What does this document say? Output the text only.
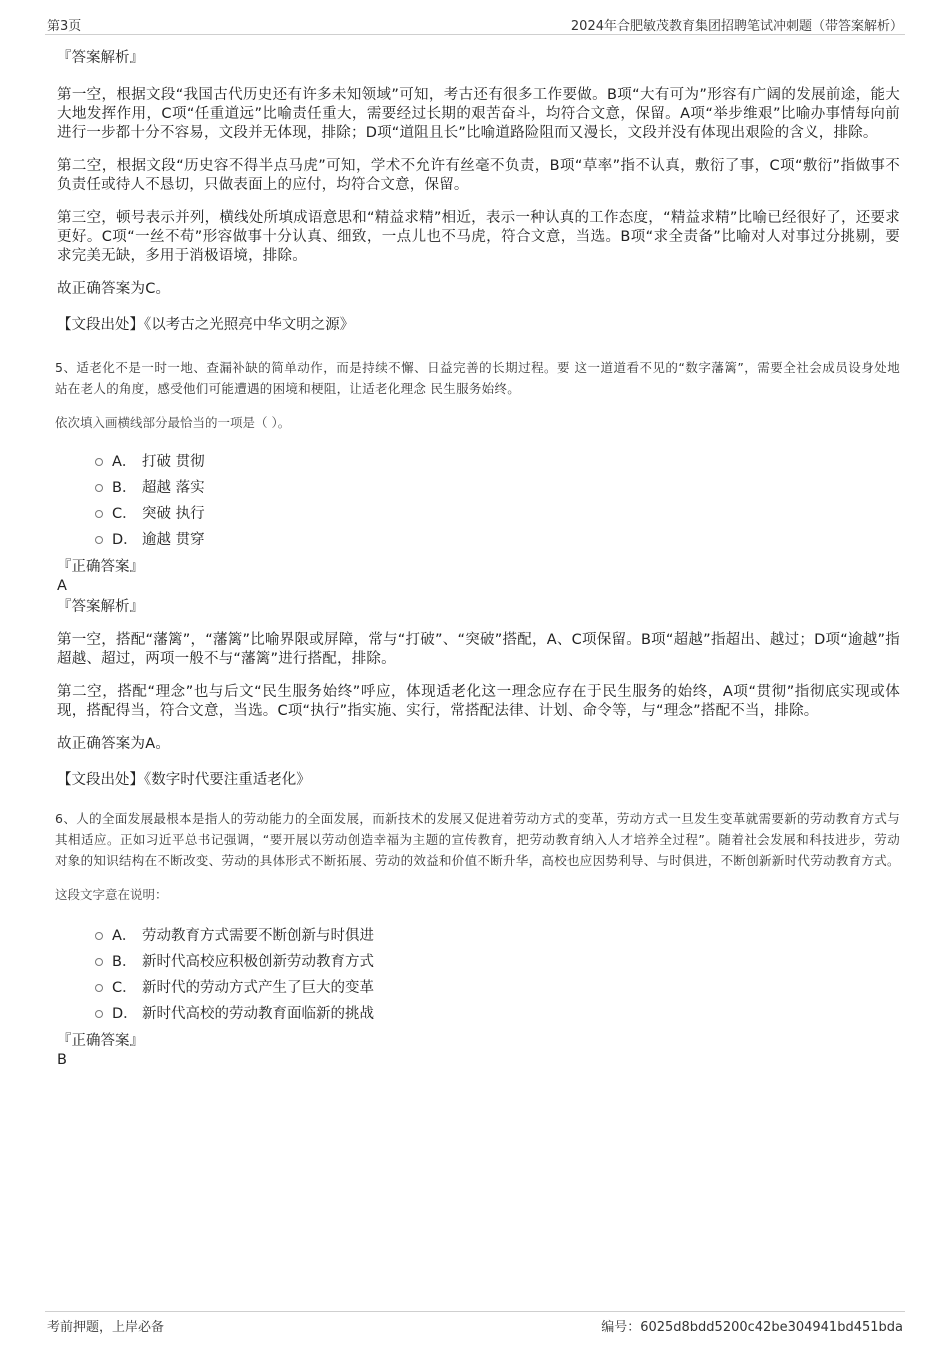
第3页	2024年合肥敏茂教育集团招聘笔试冲刺题（带答案解析）
『答案解析』
第一空，根据文段“我国古代历史还有许多未知领域”可知，考古还有很多工作要做。B项“大有可为”形容有广阔的发展前途，能大大地发挥作用，C项“任重道远”比喻责任重大，需要经过长期的艰苦奋斗，均符合文意，保留。A项“举步维艰”比喻办事情每向前进行一步都十分不容易，文段并无体现，排除；D项“道阻且长”比喻道路险阻而又漫长，文段并没有体现出艰险的含义，排除。
第二空，根据文段“历史容不得半点马虎”可知，学术不允许有丝毫不负责，B项“草率”指不认真，敷衍了事，C项“敷衍”指做事不负责任或待人不恳切，只做表面上的应付，均符合文意，保留。
第三空，顿号表示并列，横线处所填成语意思和“精益求精”相近，表示一种认真的工作态度，“精益求精”比喻已经很好了，还要求更好。C项“一丝不苟”形容做事十分认真、细致，一点儿也不马虎，符合文意，当选。B项“求全责备”比喻对人对事过分挑剔，要求完美无缺，多用于消极语境，排除。
故正确答案为C。
【文段出处】《以考古之光照亮中华文明之源》
5、适老化不是一时一地、查漏补缺的简单动作，而是持续不懈、日益完善的长期过程。要 这一道道看不见的“数字藩篱”，需要全社会成员设身处地站在老人的角度，感受他们可能遭遇的困境和梗阻，让适老化理念 民生服务始终。
依次填入画横线部分最恰当的一项是（ ）。
A． 打破 贯彻
B． 超越 落实
C． 突破 执行
D． 逾越 贯穿
『正确答案』
A
『答案解析』
第一空，搭配“藩篱”，“藩篱”比喻界限或屏障，常与“打破”、“突破”搭配，A、C项保留。B项“超越”指超出、越过；D项“逾越”指超越、超过，两项一般不与“藩篱”进行搭配，排除。
第二空，搭配“理念”也与后文“民生服务始终”呼应，体现适老化这一理念应存在于民生服务的始终，A项“贯彻”指彻底实现或体现，搭配得当，符合文意，当选。C项“执行”指实施、实行，常搭配法律、计划、命令等，与“理念”搭配不当，排除。
故正确答案为A。
【文段出处】《数字时代要注重适老化》
6、人的全面发展最根本是指人的劳动能力的全面发展，而新技术的发展又促进着劳动方式的变革，劳动方式一旦发生变革就需要新的劳动教育方式与其相适应。正如习近平总书记强调，“要开展以劳动创造幸福为主题的宣传教育，把劳动教育纳入人才培养全过程”。随着社会发展和科技进步，劳动对象的知识结构在不断改变、劳动的具体形式不断拓展、劳动的效益和价值不断升华，高校也应因势利导、与时俱进，不断创新新时代劳动教育方式。
这段文字意在说明：
A． 劳动教育方式需要不断创新与时俱进
B． 新时代高校应积极创新劳动教育方式
C． 新时代的劳动方式产生了巨大的变革
D． 新时代高校的劳动教育面临新的挑战
『正确答案』
B
考前押题，上岸必备	编号：6025d8bdd5200c42be304941bd451bda
